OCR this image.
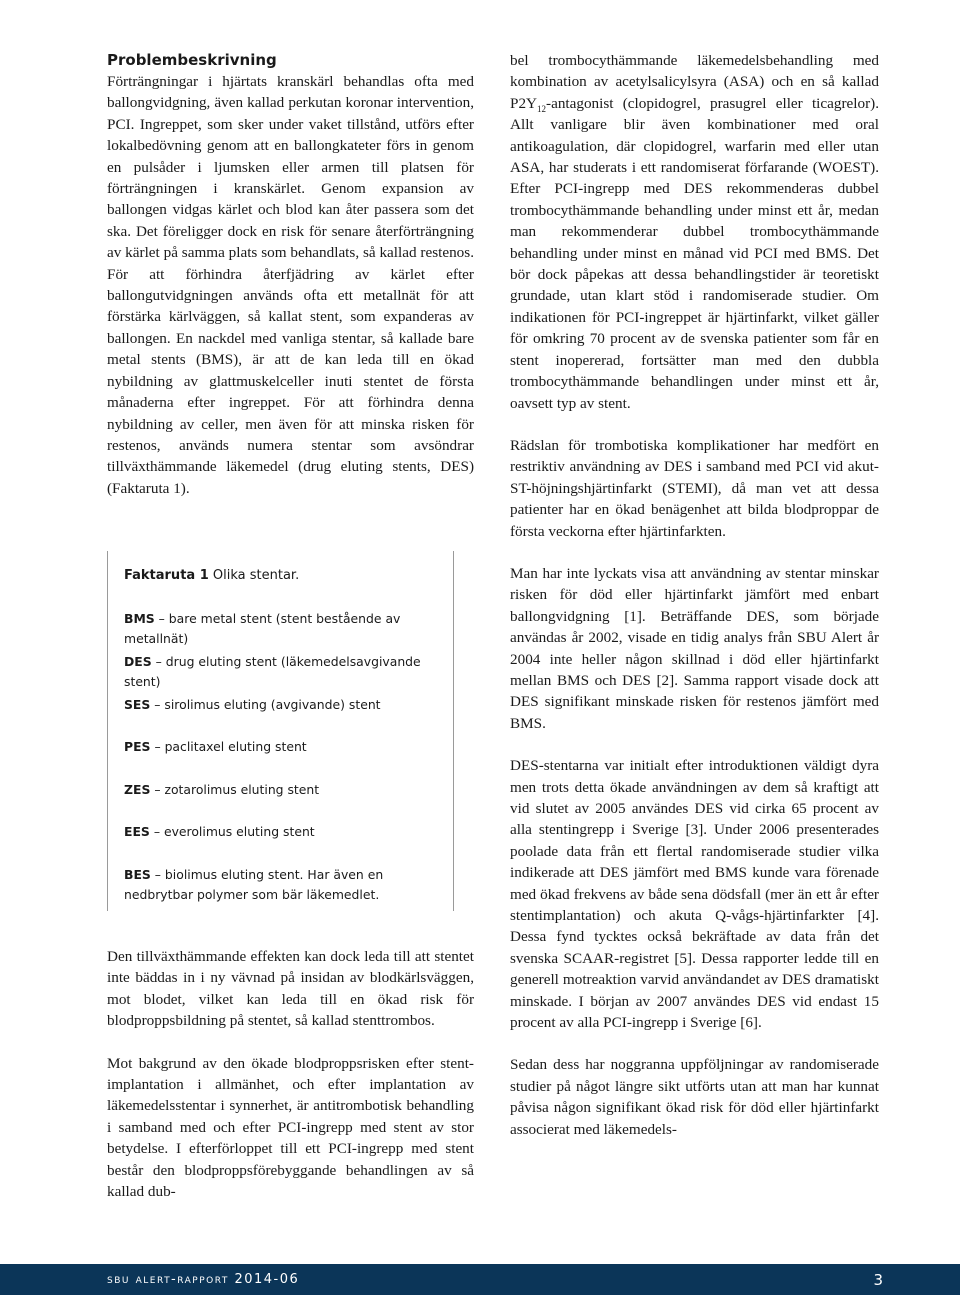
Problembeskrivning

Förträngningar i hjärtats kranskärl behandlas ofta med ballongvidgning, även kallad perkutan koronar intervention, PCI. Ingreppet, som sker under vaket tillstånd, utförs efter lokalbedövning genom att en ballongkateter förs in genom en pulsåder i ljumsken eller armen till platsen för förträngningen i kranskärlet. Genom expansion av ballongen vidgas kärlet och blod kan åter passera som det ska. Det föreligger dock en risk för senare återförträngning av kärlet på samma plats som behandlats, så kallad restenos. För att förhindra återfjädring av kärlet efter ballongutvidgningen används ofta ett metallnät för att förstärka kärlväggen, så kallat stent, som expanderas av ballongen. En nackdel med vanliga stentar, så kallade bare metal stents (BMS), är att de kan leda till en ökad nybildning av glattmuskelceller inuti stentet de första månaderna efter ingreppet. För att förhindra denna nybildning av celler, men även för att minska risken för restenos, används numera stentar som avsöndrar tillväxthämmande läkemedel (drug eluting stents, DES) (Faktaruta 1).

Faktaruta 1 Olika stentar.
BMS – bare metal stent (stent bestående av metallnät)
DES – drug eluting stent (läkemedelsavgivande stent)
SES – sirolimus eluting (avgivande) stent
PES – paclitaxel eluting stent
ZES – zotarolimus eluting stent
EES – everolimus eluting stent
BES – biolimus eluting stent. Har även en nedbrytbar polymer som bär läkemedlet.

Den tillväxthämmande effekten kan dock leda till att stentet inte bäddas in i ny vävnad på insidan av blodkärlsväggen, mot blodet, vilket kan leda till en ökad risk för blodproppsbildning på stentet, så kallad stenttrombos.

Mot bakgrund av den ökade blodproppsrisken efter stent-implantation i allmänhet, och efter implantation av läkemedelsstentar i synnerhet, är antitrombotisk behandling i samband med och efter PCI-ingrepp med stent av stor betydelse. I efterförloppet till ett PCI-ingrepp med stent består den blodproppsförebyggande behandlingen av så kallad dub-

bel trombocythämmande läkemedelsbehandling med kombination av acetylsalicylsyra (ASA) och en så kallad $P2Y_{12}$-antagonist (clopidogrel, prasugrel eller ticagrelor). Allt vanligare blir även kombinationer med oral antikoagulation, där clopidogrel, warfarin med eller utan ASA, har studerats i ett randomiserat förfarande (WOEST). Efter PCI-ingrepp med DES rekommenderas dubbel trombocythämmande behandling under minst ett år, medan man rekommenderar dubbel trombocythämmande behandling under minst en månad vid PCI med BMS. Det bör dock påpekas att dessa behandlingstider är teoretiskt grundade, utan klart stöd i randomiserade studier. Om indikationen för PCI-ingreppet är hjärtinfarkt, vilket gäller för omkring 70 procent av de svenska patienter som får en stent inopererad, fortsätter man med den dubbla trombocythämmande behandlingen under minst ett år, oavsett typ av stent.

Rädslan för trombotiska komplikationer har medfört en restriktiv användning av DES i samband med PCI vid akut-ST-höjningshjärtinfarkt (STEMI), då man vet att dessa patienter har en ökad benägenhet att bilda blodproppar de första veckorna efter hjärtinfarkten.

Man har inte lyckats visa att användning av stentar minskar risken för död eller hjärtinfarkt jämfört med enbart ballongvidgning [1]. Beträffande DES, som började användas år 2002, visade en tidig analys från SBU Alert år 2004 inte heller någon skillnad i död eller hjärtinfarkt mellan BMS och DES [2]. Samma rapport visade dock att DES signifikant minskade risken för restenos jämfört med BMS.

DES-stentarna var initialt efter introduktionen väldigt dyra men trots detta ökade användningen av dem så kraftigt att vid slutet av 2005 användes DES vid cirka 65 procent av alla stentingrepp i Sverige [3]. Under 2006 presenterades poolade data från ett flertal randomiserade studier vilka indikerade att DES jämfört med BMS kunde vara förenade med ökad frekvens av både sena dödsfall (mer än ett år efter stentimplantation) och akuta Q-vågs-hjärtinfarkter [4]. Dessa fynd tycktes också bekräftade av data från det svenska SCAAR-registret [5]. Dessa rapporter ledde till en generell motreaktion varvid användandet av DES dramatiskt minskade. I början av 2007 användes DES vid endast 15 procent av alla PCI-ingrepp i Sverige [6].

Sedan dess har noggranna uppföljningar av randomiserade studier på något längre sikt utförts utan att man har kunnat påvisa någon signifikant ökad risk för död eller hjärtinfarkt associerat med läkemedels-

sbu alert-rapport 2014-06	3
